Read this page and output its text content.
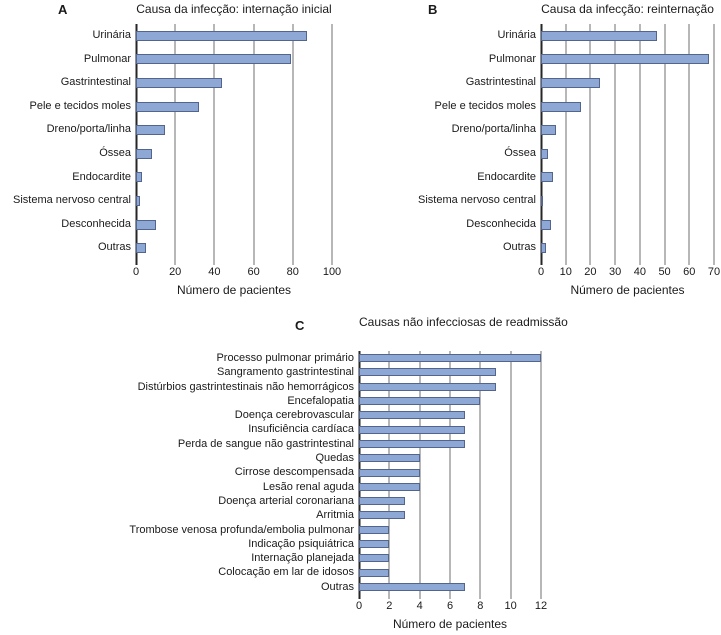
A	Causa da infecção: internação inicial
Urinária
Pulmonar
Gastrintestinal
Pele e tecidos moles
Dreno/porta/linha
Óssea
Endocardite
Sistema nervoso central
Desconhecida
Outras
0	20 40 60 80 100
Número de pacientes
B	Causa da infecção: reinternação
Urinária
Pulmonar
Gastrintestinal
Pele e tecidos moles
Dreno/porta/linha
Óssea
Endocardite
Sistema nervoso central
Desconhecida
Outras
0 10 20 30 40 50 60 70
Número de pacientes
C	Causas não infecciosas de readmissão
Processo pulmonar primário
Sangramento gastrintestinal
Distúrbios gastrintestinais não hemorrágicos
Encefalopatia
Doença cerebrovascular
Insuficiência cardíaca
Perda de sangue não gastrintestinal
Quedas
Cirrose descompensada
Lesão renal aguda
Doença arterial coronariana
Arritmia
Trombose venosa profunda/embolia pulmonar
Indicação psiquiátrica
Internação planejada
Colocação em lar de idosos
Outras
0 2 4 6 8 10 12
Número de pacientes
